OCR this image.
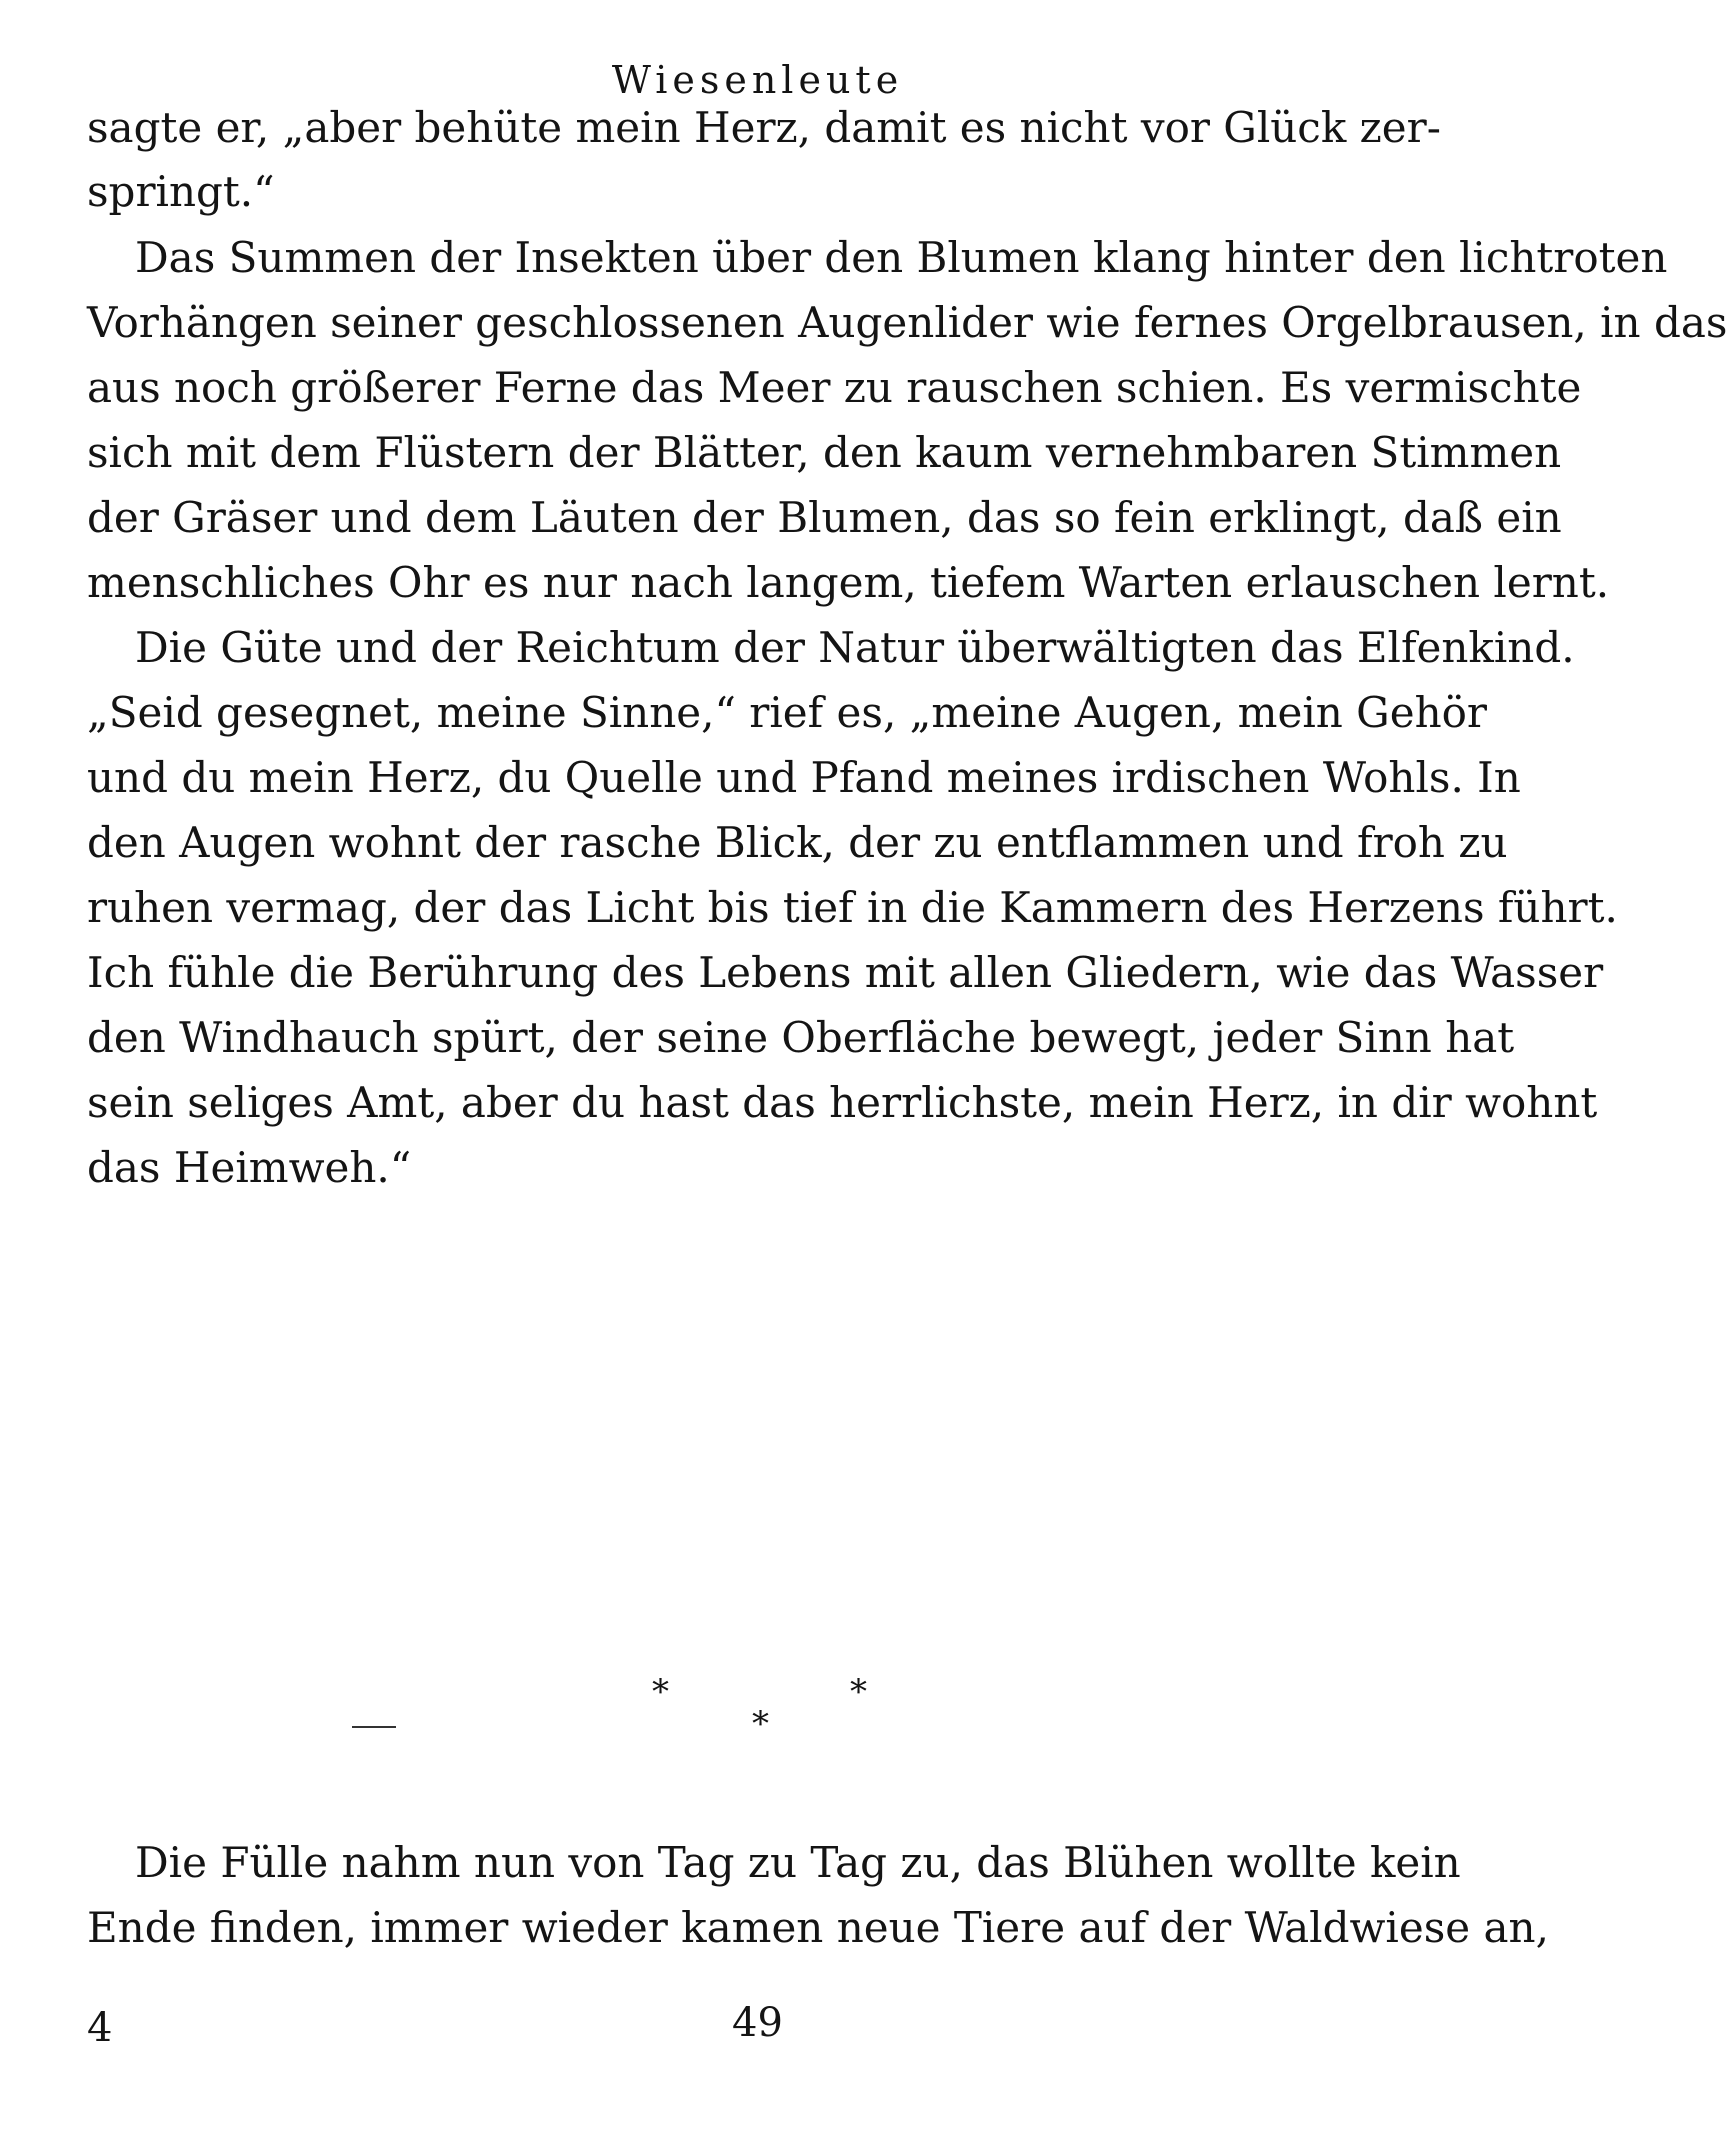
Wiesenleute
sagte er, „aber behüte mein Herz, damit es nicht vor Glück zer-
springt.“
Das Summen der Insekten über den Blumen klang hinter den lichtroten
Vorhängen seiner geschlossenen Augenlider wie fernes Orgelbrausen, in das
aus noch größerer Ferne das Meer zu rauschen schien. Es vermischte
sich mit dem Flüstern der Blätter, den kaum vernehmbaren Stimmen
der Gräser und dem Läuten der Blumen, das so fein erklingt, daß ein
menschliches Ohr es nur nach langem, tiefem Warten erlauschen lernt.
Die Güte und der Reichtum der Natur überwältigten das Elfenkind.
„Seid gesegnet, meine Sinne,“ rief es, „meine Augen, mein Gehör
und du mein Herz, du Quelle und Pfand meines irdischen Wohls. In
den Augen wohnt der rasche Blick, der zu entflammen und froh zu
ruhen vermag, der das Licht bis tief in die Kammern des Herzens führt.
Ich fühle die Berührung des Lebens mit allen Gliedern, wie das Wasser
den Windhauch spürt, der seine Oberfläche bewegt, jeder Sinn hat
sein seliges Amt, aber du hast das herrlichste, mein Herz, in dir wohnt
das Heimweh.“
*	*
*
Die Fülle nahm nun von Tag zu Tag zu, das Blühen wollte kein
Ende finden, immer wieder kamen neue Tiere auf der Waldwiese an,
4	49
